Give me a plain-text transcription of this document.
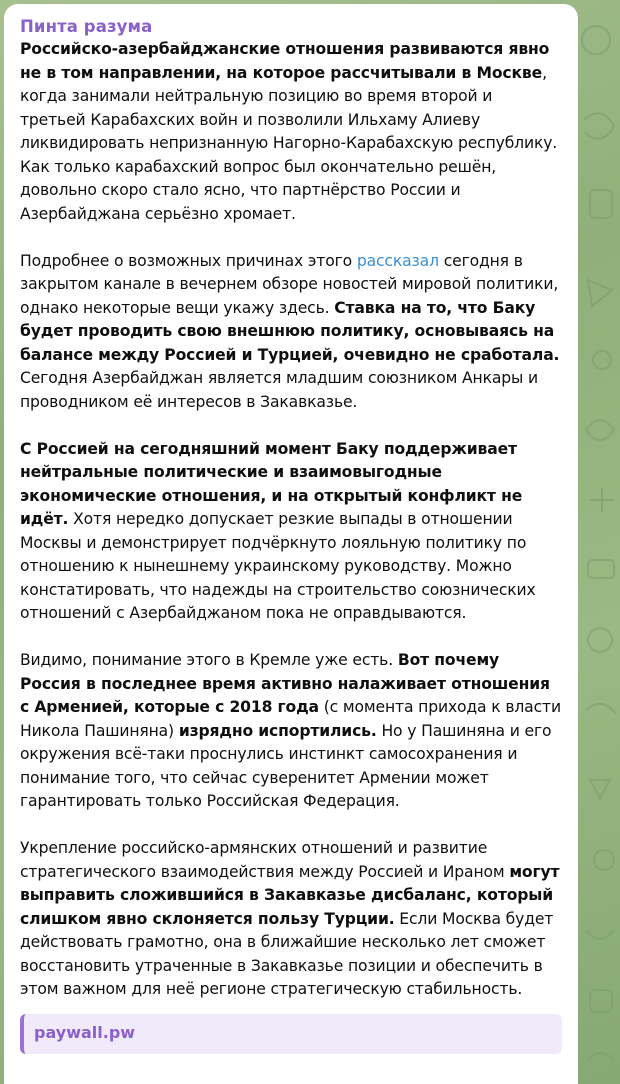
Пинта разума

Российско-азербайджанские отношения развиваются явно не в том направлении, на которое рассчитывали в Москве, когда занимали нейтральную позицию во время второй и третьей Карабахских войн и позволили Ильхаму Алиеву ликвидировать непризнанную Нагорно-Карабахскую республику. Как только карабахский вопрос был окончательно решён, довольно скоро стало ясно, что партнёрство России и Азербайджана серьёзно хромает.

Подробнее о возможных причинах этого рассказал сегодня в закрытом канале в вечернем обзоре новостей мировой политики, однако некоторые вещи укажу здесь. Ставка на то, что Баку будет проводить свою внешнюю политику, основываясь на балансе между Россией и Турцией, очевидно не сработала. Сегодня Азербайджан является младшим союзником Анкары и проводником её интересов в Закавказье.

С Россией на сегодняшний момент Баку поддерживает нейтральные политические и взаимовыгодные экономические отношения, и на открытый конфликт не идёт. Хотя нередко допускает резкие выпады в отношении Москвы и демонстрирует подчёркнуто лояльную политику по отношению к нынешнему украинскому руководству. Можно констатировать, что надежды на строительство союзнических отношений с Азербайджаном пока не оправдываются.

Видимо, понимание этого в Кремле уже есть. Вот почему Россия в последнее время активно налаживает отношения с Арменией, которые с 2018 года (с момента прихода к власти Никола Пашиняна) изрядно испортились. Но у Пашиняна и его окружения всё-таки проснулись инстинкт самосохранения и понимание того, что сейчас суверенитет Армении может гарантировать только Российская Федерация.

Укрепление российско-армянских отношений и развитие стратегического взаимодействия между Россией и Ираном могут выправить сложившийся в Закавказье дисбаланс, который слишком явно склоняется пользу Турции. Если Москва будет действовать грамотно, она в ближайшие несколько лет сможет восстановить утраченные в Закавказье позиции и обеспечить в этом важном для неё регионе стратегическую стабильность.

paywall.pw
